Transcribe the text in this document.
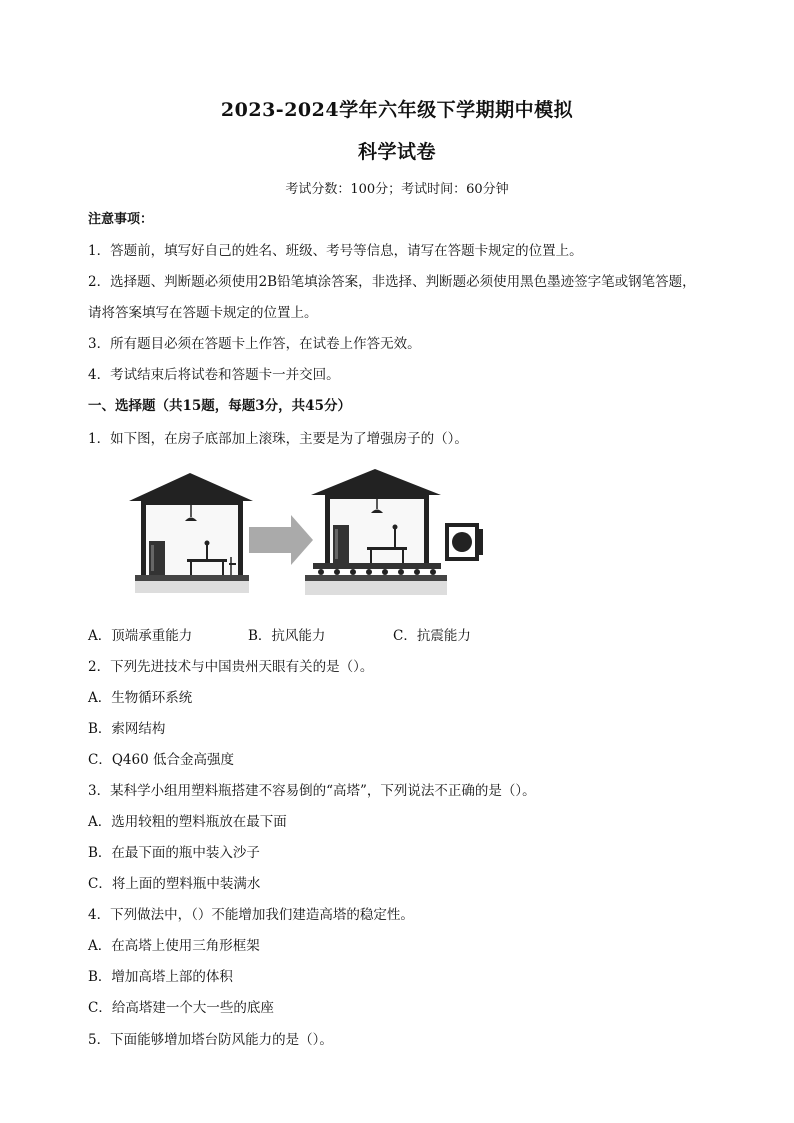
2023-2024学年六年级下学期期中模拟
科学试卷
考试分数：100分；考试时间：60分钟
注意事项：
1．答题前，填写好自己的姓名、班级、考号等信息，请写在答题卡规定的位置上。
2．选择题、判断题必须使用2B铅笔填涂答案，非选择、判断题必须使用黑色墨迹签字笔或钢笔答题，
请将答案填写在答题卡规定的位置上。
3．所有题目必须在答题卡上作答，在试卷上作答无效。
4．考试结束后将试卷和答题卡一并交回。
一、选择题（共15题，每题3分，共45分）
1．如下图，在房子底部加上滚珠，主要是为了增强房子的（）。
A．顶端承重能力	B．抗风能力	C．抗震能力
2．下列先进技术与中国贵州天眼有关的是（）。
A．生物循环系统
B．索网结构
C．Q460 低合金高强度
3．某科学小组用塑料瓶搭建不容易倒的“高塔”，下列说法不正确的是（）。
A．选用较粗的塑料瓶放在最下面
B．在最下面的瓶中装入沙子
C．将上面的塑料瓶中装满水
4．下列做法中，（）不能增加我们建造高塔的稳定性。
A．在高塔上使用三角形框架
B．增加高塔上部的体积
C．给高塔建一个大一些的底座
5．下面能够增加塔台防风能力的是（）。
